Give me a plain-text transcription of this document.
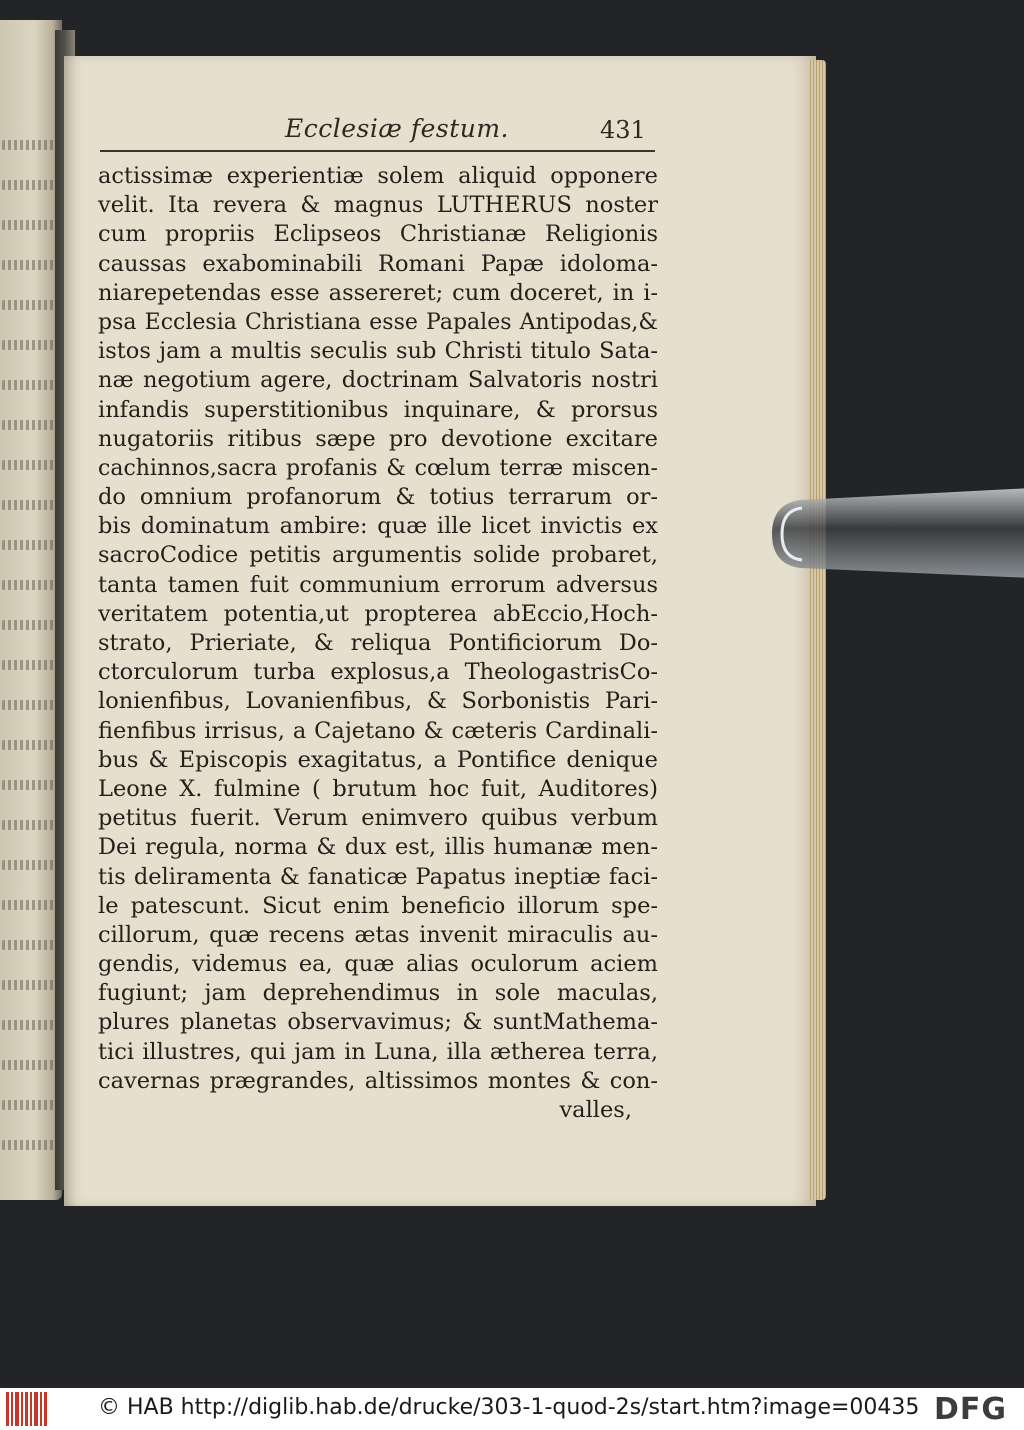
Ecclesiæ festum.	431
actissimæ experientiæ solem aliquid opponere
velit. Ita revera & magnus LUTHERUS noster
cum propriis Eclipseos Christianæ Religionis
caussas exabominabili Romani Papæ idoloma-
niarepetendas esse assereret; cum doceret, in i-
psa Ecclesia Christiana esse Papales Antipodas,&
istos jam a multis seculis sub Christi titulo Sata-
næ negotium agere, doctrinam Salvatoris nostri
infandis superstitionibus inquinare, & prorsus
nugatoriis ritibus sæpe pro devotione excitare
cachinnos,sacra profanis & cœlum terræ miscen-
do omnium profanorum & totius terrarum or-
bis dominatum ambire: quæ ille licet invictis ex
sacroCodice petitis argumentis solide probaret,
tanta tamen fuit communium errorum adversus
veritatem potentia,ut propterea abEccio,Hoch-
strato, Prieriate, & reliqua Pontificiorum Do-
ctorculorum turba explosus,a TheologastrisCo-
lonienfibus, Lovanienfibus, & Sorbonistis Pari-
fienfibus irrisus, a Cajetano & cæteris Cardinali-
bus & Episcopis exagitatus, a Pontifice denique
Leone X. fulmine ( brutum hoc fuit, Auditores)
petitus fuerit. Verum enimvero quibus verbum
Dei regula, norma & dux est, illis humanæ men-
tis deliramenta & fanaticæ Papatus ineptiæ faci-
le patescunt. Sicut enim beneficio illorum spe-
cillorum, quæ recens ætas invenit miraculis au-
gendis, videmus ea, quæ alias oculorum aciem
fugiunt; jam deprehendimus in sole maculas,
plures planetas observavimus; & suntMathema-
tici illustres, qui jam in Luna, illa ætherea terra,
cavernas prægrandes, altissimos montes & con-
valles,
© HAB http://diglib.hab.de/drucke/303-1-quod-2s/start.htm?image=00435 DFG
